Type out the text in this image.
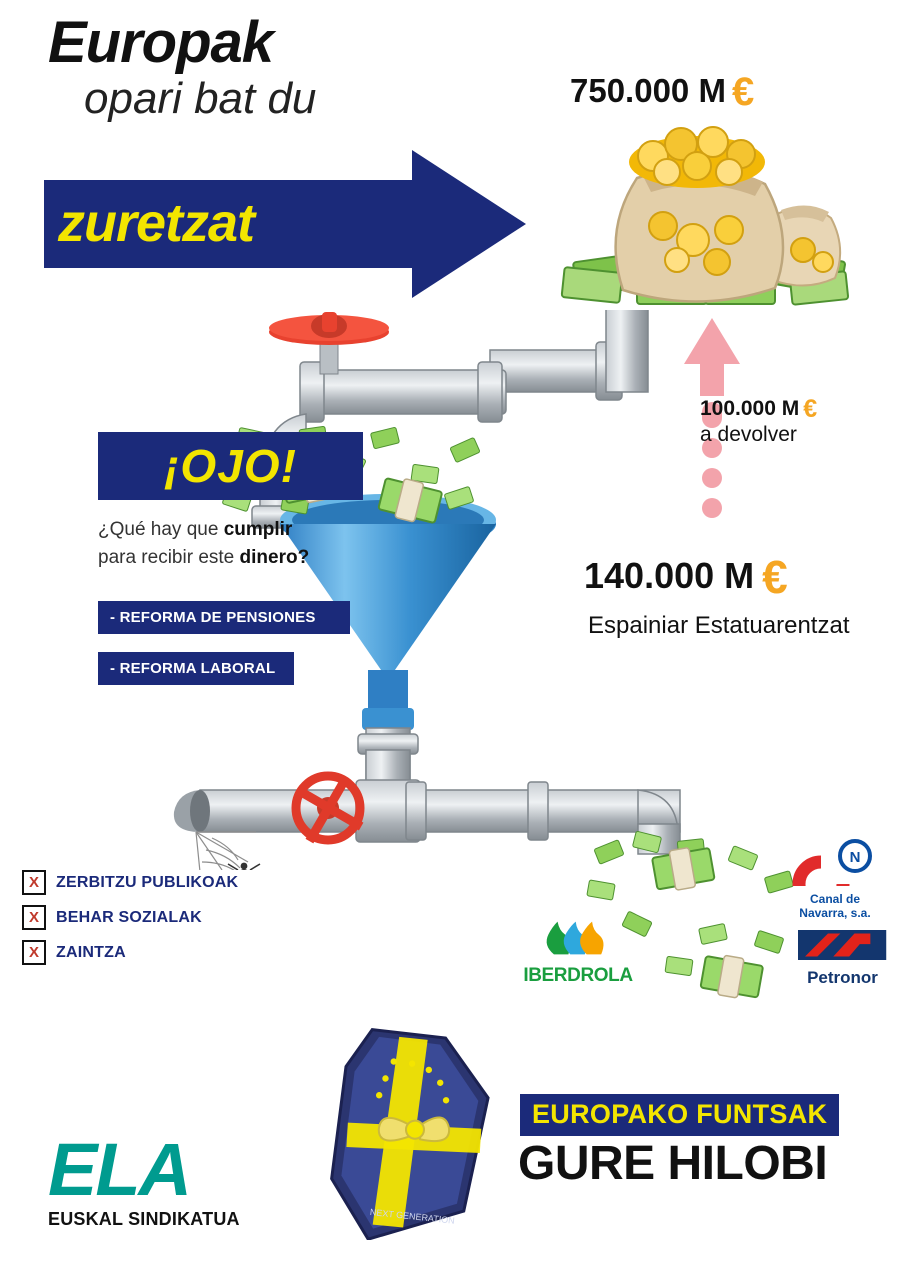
Europak
opari bat du
zuretzat
750.000 M €
¡OJO!
¿Qué hay que cumplir
para recibir este dinero?
- REFORMA DE PENSIONES
- REFORMA LABORAL
100.000 M €
a devolver
140.000 M €
Espainiar Estatuarentzat
X	ZERBITZU PUBLIKOAK
X	BEHAR SOZIALAK
X	ZAINTZA
N
Canal de
Navarra, s.a.
IBERDROLA	Petronor
NEXT GENERATION
EUROPAKO FUNTSAK
GURE HILOBI
ELA
EUSKAL SINDIKATUA
